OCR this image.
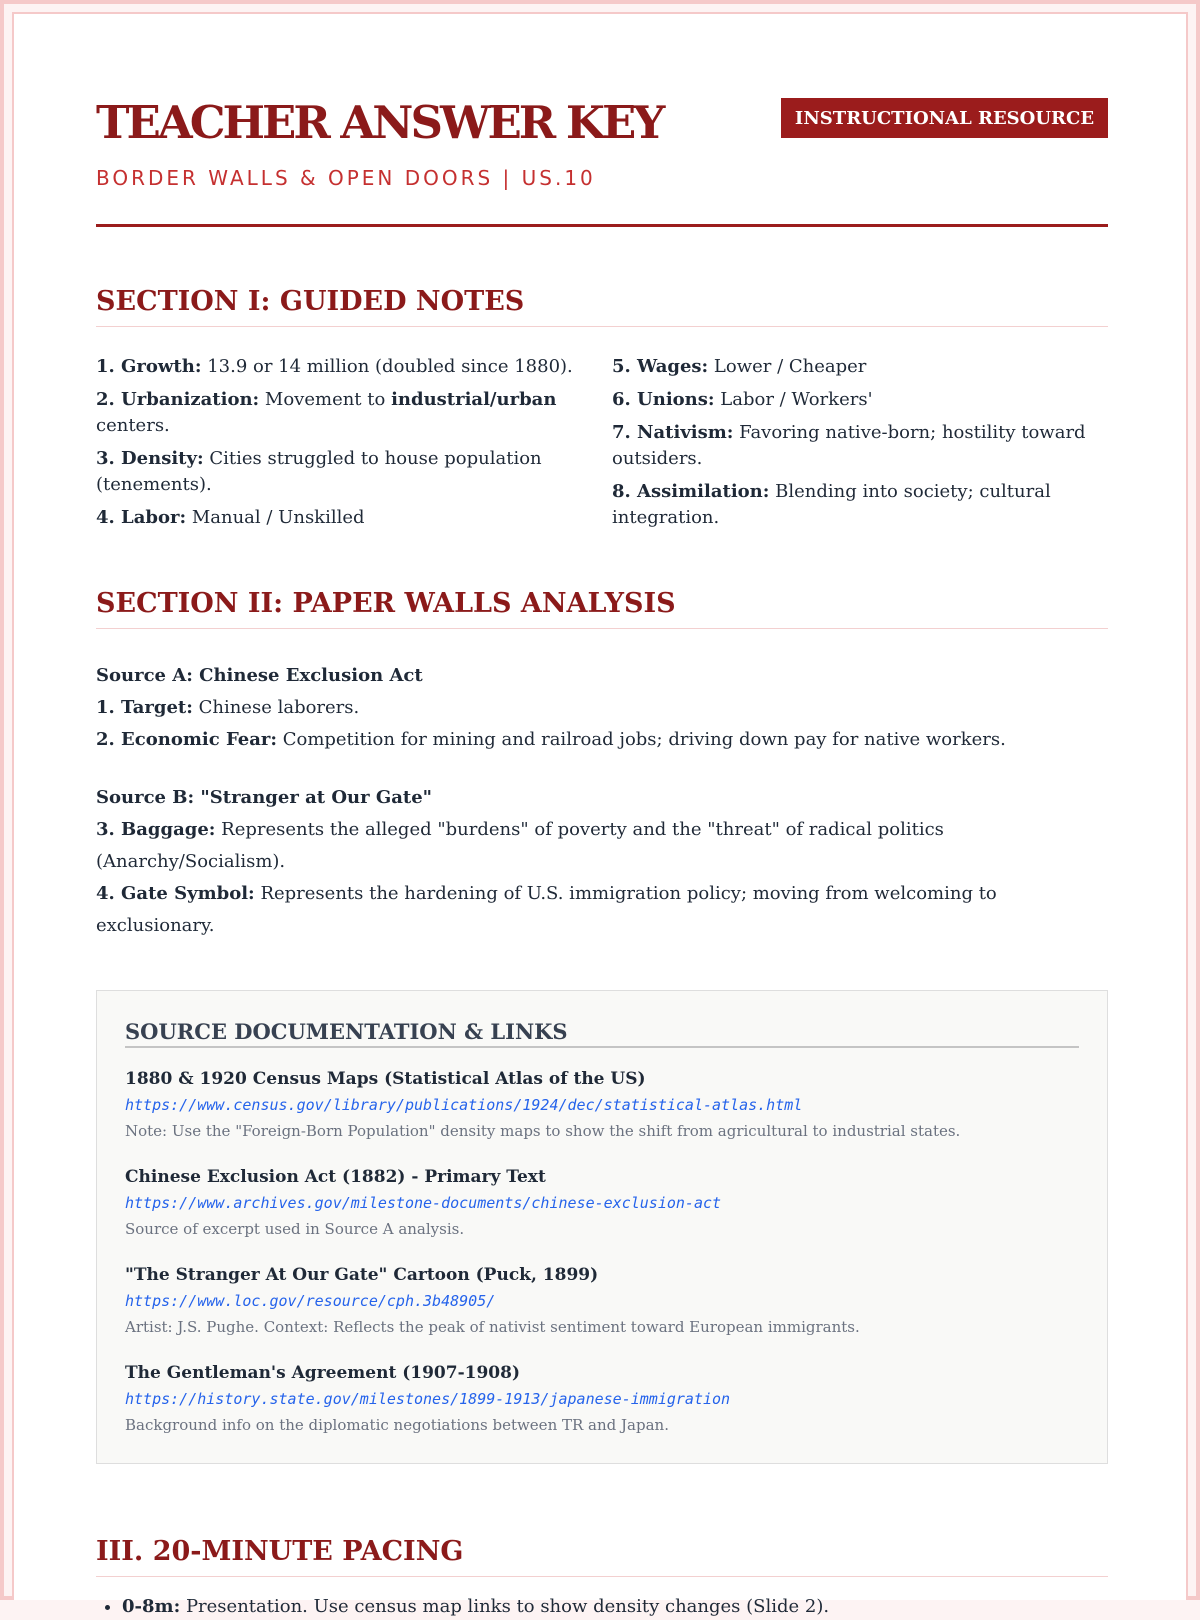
TEACHER ANSWER KEY
BORDER WALLS & OPEN DOORS | US.10
INSTRUCTIONAL RESOURCE
SECTION I: GUIDED NOTES
1. Growth: 13.9 or 14 million (doubled since 1880).
2. Urbanization: Movement to industrial/urban centers.
3. Density: Cities struggled to house population (tenements).
4. Labor: Manual / Unskilled
5. Wages: Lower / Cheaper
6. Unions: Labor / Workers'
7. Nativism: Favoring native-born; hostility toward outsiders.
8. Assimilation: Blending into society; cultural integration.
SECTION II: PAPER WALLS ANALYSIS
Source A: Chinese Exclusion Act
1. Target: Chinese laborers.
2. Economic Fear: Competition for mining and railroad jobs; driving down pay for native workers.
Source B: "Stranger at Our Gate"
3. Baggage: Represents the alleged "burdens" of poverty and the "threat" of radical politics (Anarchy/Socialism).
4. Gate Symbol: Represents the hardening of U.S. immigration policy; moving from welcoming to exclusionary.
SOURCE DOCUMENTATION & LINKS
1880 & 1920 Census Maps (Statistical Atlas of the US)
https://www.census.gov/library/publications/1924/dec/statistical-atlas.html
Note: Use the "Foreign-Born Population" density maps to show the shift from agricultural to industrial states.
Chinese Exclusion Act (1882) - Primary Text
https://www.archives.gov/milestone-documents/chinese-exclusion-act
Source of excerpt used in Source A analysis.
"The Stranger At Our Gate" Cartoon (Puck, 1899)
https://www.loc.gov/resource/cph.3b48905/
Artist: J.S. Pughe. Context: Reflects the peak of nativist sentiment toward European immigrants.
The Gentleman's Agreement (1907-1908)
https://history.state.gov/milestones/1899-1913/japanese-immigration
Background info on the diplomatic negotiations between TR and Japan.
III. 20-MINUTE PACING
• 0-8m: Presentation. Use census map links to show density changes (Slide 2).
